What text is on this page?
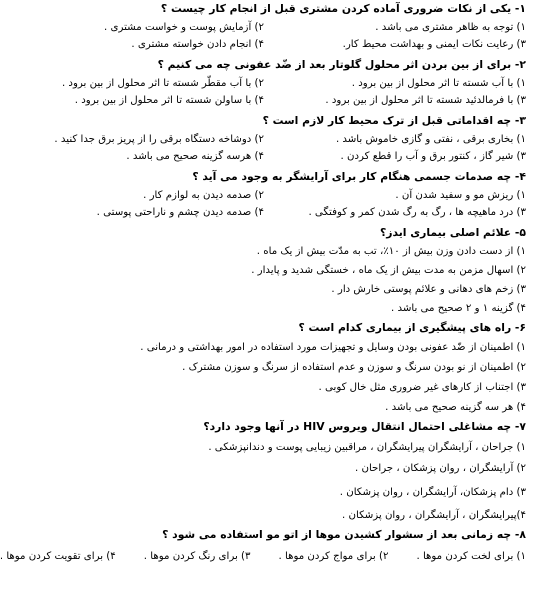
۱- یکی از نکات ضروری آماده کردن مشتری قبل از انجام کار چیست ؟
۱) توجه به ظاهر مشتری می باشد .
۲) آزمایش پوست و خواست مشتری .
۳) رعایت نکات ایمنی و بهداشت محیط کار.
۴) انجام دادن خواسته مشتری .
۲- برای از بین بردن اثر محلول گلوتار بعد از ضّد عفونی چه می کنیم ؟
۱) با آب شسته تا اثر محلول از بین برود .
۲) با آب مقطّر شسته تا اثر محلول از بین برود .
۳) با فرمالدئید شسته تا اثر محلول از بین برود .
۴) با ساولن شسته تا اثر محلول از بین برود .
۳- چه اقداماتی قبل از ترک محیط کار لازم است ؟
۱) بخاری برقی ، نفتی و گازی خاموش باشد .
۲) دوشاخه دستگاه برقی را از پریز برق جدا کنید .
۳) شیر گاز ، کنتور برق و آب را قطع کردن .
۴) هرسه گزینه صحیح می باشد .
۴- چه صدمات جسمی هنگام کار برای آرایشگر به وجود می آید ؟
۱) ریزش مو و سفید شدن آن .
۲) صدمه دیدن به لوازم کار .
۳) درد ماهیچه ها ، رگ به رگ شدن کمر و کوفتگی .
۴) صدمه دیدن چشم و ناراحتی پوستی .
۵- علائم اصلی بیماری ایدز؟
۱) از دست دادن وزن بیش از ۱۰٪، تب به مدّت بیش از یک ماه .
۲) اسهال مزمن به مدت بیش از یک ماه ، خستگی شدید و پایدار .
۳) زخم های دهانی و علائم پوستی خارش دار .
۴) گزینه ۱ و ۲ صحیح می باشد .
۶- راه های پیشگیری از بیماری کدام است ؟
۱) اطمینان از ضّد عفونی بودن وسایل و تجهیزات مورد استفاده در امور بهداشتی و درمانی .
۲) اطمینان از نو بودن سرنگ و سوزن و عدم استفاده از سرنگ و سوزن مشترک .
۳) اجتناب از کارهای غیر ضروری مثل خال کوبی .
۴) هر سه گزینه صحیح می باشد .
۷- چه مشاغلی احتمال انتقال ویروس HIV در آنها وجود دارد؟
۱) جراحان ، آرایشگران پیرایشگران ، مراقبین زیبایی پوست و دندانپزشکی .
۲) آرایشگران ، روان پزشکان ، جراحان .
۳) دام پزشکان، آرایشگران ، روان پزشکان .
۴)پیرایشگران ، آرایشگران ، روان پزشکان .
۸- چه زمانی بعد از سشوار کشیدن موها از اتو مو استفاده می شود ؟
۱) برای لخت کردن موها .
۲) برای مواج کردن موها .
۳) برای رنگ کردن موها .
۴) برای تقویت کردن موها .
